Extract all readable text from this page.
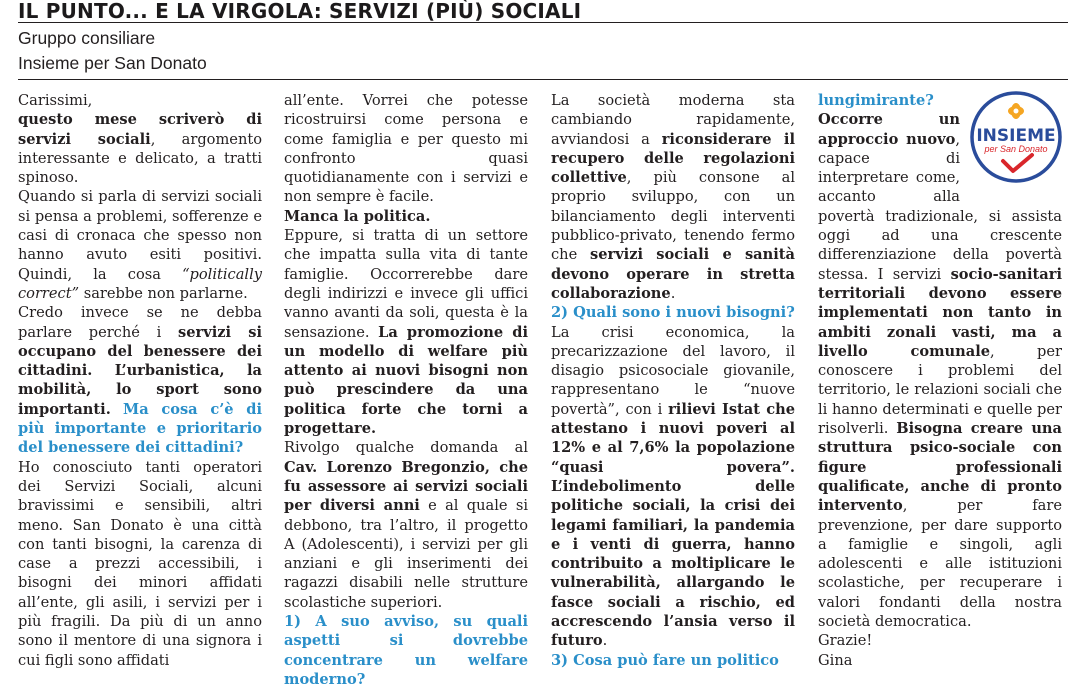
IL PUNTO... E LA VIRGOLA: SERVIZI (PIÙ) SOCIALI
Gruppo consiliare
Insieme per San Donato

Carissimi,

questo mese scriverò di servizi sociali, argomento interessante e delicato, a tratti spinoso.

Quando si parla di servizi sociali si pensa a problemi, sofferenze e casi di cronaca che spesso non hanno avuto esiti positivi. Quindi, la cosa “politically correct” sarebbe non parlarne.

Credo invece se ne debba parlare perché i servizi si occupano del benessere dei cittadini. L’urbanistica, la mobilità, lo sport sono importanti. Ma cosa c’è di più importante e prioritario del benessere dei cittadini?

Ho conosciuto tanti operatori dei Servizi Sociali, alcuni bravissimi e sensibili, altri meno. San Donato è una città con tanti bisogni, la carenza di case a prezzi accessibili, i bisogni dei minori affidati all’ente, gli asili, i servizi per i più fragili. Da più di un anno sono il mentore di una signora i cui figli sono affidati

all’ente. Vorrei che potesse ricostruirsi come persona e come famiglia e per questo mi confronto quasi quotidianamente con i servizi e non sempre è facile.

Manca la politica.

Eppure, si tratta di un settore che impatta sulla vita di tante famiglie. Occorrerebbe dare degli indirizzi e invece gli uffici vanno avanti da soli, questa è la sensazione. La promozione di un modello di welfare più attento ai nuovi bisogni non può prescindere da una politica forte che torni a progettare.

Rivolgo qualche domanda al Cav. Lorenzo Bregonzio, che fu assessore ai servizi sociali per diversi anni e al quale si debbono, tra l’altro, il progetto A (Adolescenti), i servizi per gli anziani e gli inserimenti dei ragazzi disabili nelle strutture scolastiche superiori.

1) A suo avviso, su quali aspetti si dovrebbe concentrare un welfare moderno?

La società moderna sta cambiando rapidamente, avviandosi a riconsiderare il recupero delle regolazioni collettive, più consone al proprio sviluppo, con un bilanciamento degli interventi pubblico-privato, tenendo fermo che servizi sociali e sanità devono operare in stretta collaborazione.

2) Quali sono i nuovi bisogni?

La crisi economica, la precarizzazione del lavoro, il disagio psicosociale giovanile, rappresentano le “nuove povertà”, con i rilievi Istat che attestano i nuovi poveri al 12% e al 7,6% la popolazione “quasi povera”. L’indebolimento delle politiche sociali, la crisi dei legami familiari, la pandemia e i venti di guerra, hanno contribuito a moltiplicare le vulnerabilità, allargando le fasce sociali a rischio, ed accrescendo l’ansia verso il futuro.

3) Cosa può fare un politico

INSIEME
per San Donato

lungimirante?

Occorre un approccio nuovo, capace di interpretare come, accanto alla povertà tradizionale, si assista oggi ad una crescente differenziazione della povertà stessa. I servizi socio-sanitari territoriali devono essere implementati non tanto in ambiti zonali vasti, ma a livello comunale, per conoscere i problemi del territorio, le relazioni sociali che li hanno determinati e quelle per risolverli. Bisogna creare una struttura psico-sociale con figure professionali qualificate, anche di pronto intervento, per fare prevenzione, per dare supporto a famiglie e singoli, agli adolescenti e alle istituzioni scolastiche, per recuperare i valori fondanti della nostra società democratica.

Grazie!

Gina
